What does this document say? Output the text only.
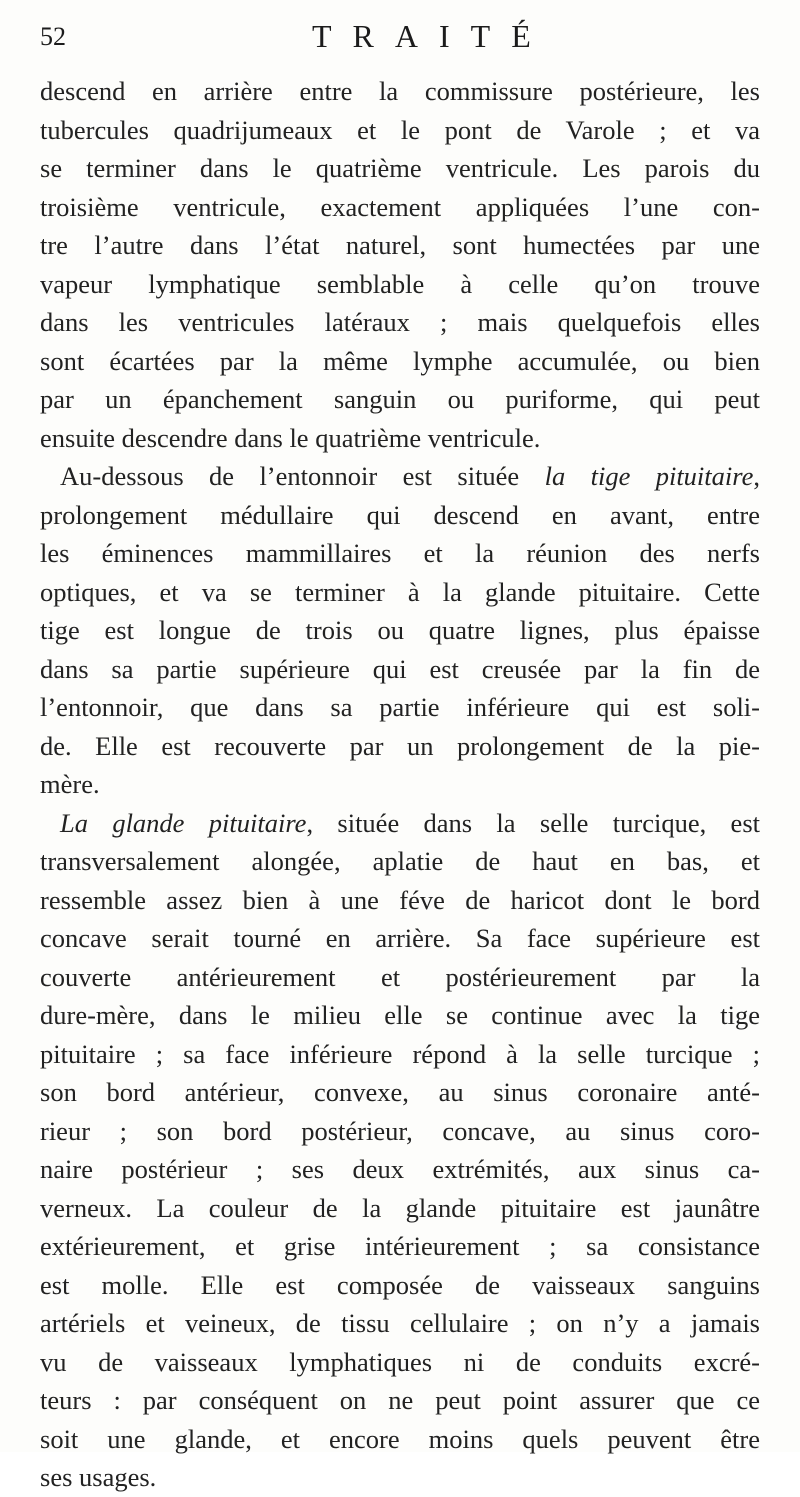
52	TRAITÉ
descend en arrière entre la commissure postérieure, les
tubercules quadrijumeaux et le pont de Varole ; et va
se terminer dans le quatrième ventricule. Les parois du
troisième ventricule, exactement appliquées l’une con-
tre l’autre dans l’état naturel, sont humectées par une
vapeur lymphatique semblable à celle qu’on trouve
dans les ventricules latéraux ; mais quelquefois elles
sont écartées par la même lymphe accumulée, ou bien
par un épanchement sanguin ou puriforme, qui peut
ensuite descendre dans le quatrième ventricule.
Au-dessous de l’entonnoir est située la tige pituitaire,
prolongement médullaire qui descend en avant, entre
les éminences mammillaires et la réunion des nerfs
optiques, et va se terminer à la glande pituitaire. Cette
tige est longue de trois ou quatre lignes, plus épaisse
dans sa partie supérieure qui est creusée par la fin de
l’entonnoir, que dans sa partie inférieure qui est soli-
de. Elle est recouverte par un prolongement de la pie-
mère.
La glande pituitaire, située dans la selle turcique, est
transversalement alongée, aplatie de haut en bas, et
ressemble assez bien à une féve de haricot dont le bord
concave serait tourné en arrière. Sa face supérieure est
couverte antérieurement et postérieurement par la
dure-mère, dans le milieu elle se continue avec la tige
pituitaire ; sa face inférieure répond à la selle turcique ;
son bord antérieur, convexe, au sinus coronaire anté-
rieur ; son bord postérieur, concave, au sinus coro-
naire postérieur ; ses deux extrémités, aux sinus ca-
verneux. La couleur de la glande pituitaire est jaunâtre
extérieurement, et grise intérieurement ; sa consistance
est molle. Elle est composée de vaisseaux sanguins
artériels et veineux, de tissu cellulaire ; on n’y a jamais
vu de vaisseaux lymphatiques ni de conduits excré-
teurs : par conséquent on ne peut point assurer que ce
soit une glande, et encore moins quels peuvent être
ses usages.
